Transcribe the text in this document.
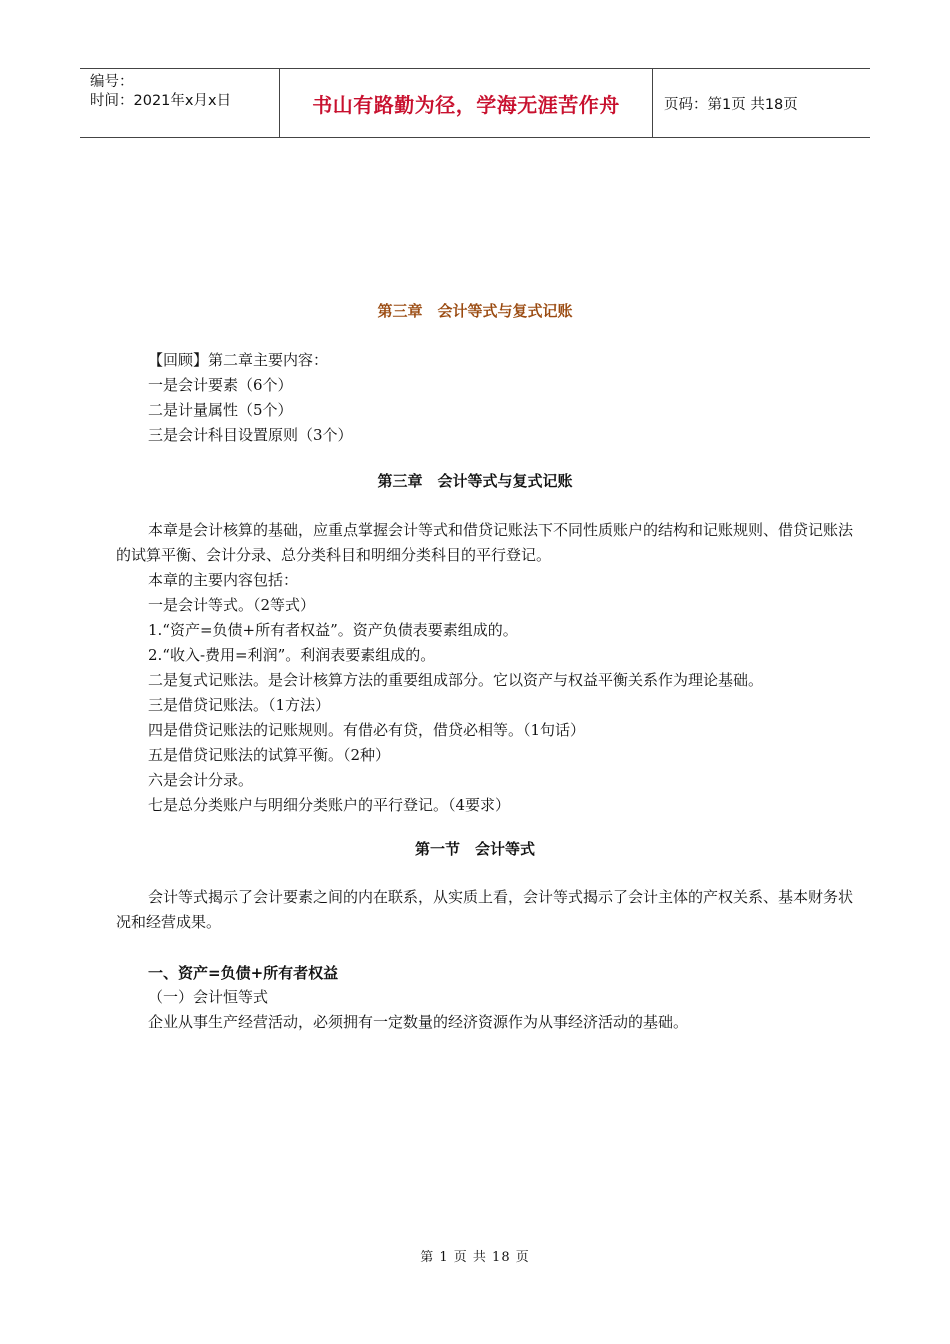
编号：
时间：2021年x月x日	书山有路勤为径，学海无涯苦作舟	页码：第1页 共18页
第三章　会计等式与复式记账

【回顾】第二章主要内容：

一是会计要素（6个）

二是计量属性（5个）

三是会计科目设置原则（3个）

第三章　会计等式与复式记账
本章是会计核算的基础，应重点掌握会计等式和借贷记账法下不同性质账户的结构和记账规则、借贷记账法的试算平衡、会计分录、总分类科目和明细分类科目的平行登记。

本章的主要内容包括：

一是会计等式。（2等式）

1.“资产=负债+所有者权益”。资产负债表要素组成的。

2.“收入-费用=利润”。利润表要素组成的。

二是复式记账法。是会计核算方法的重要组成部分。它以资产与权益平衡关系作为理论基础。

三是借贷记账法。（1方法）

四是借贷记账法的记账规则。有借必有贷，借贷必相等。（1句话）

五是借贷记账法的试算平衡。（2种）

六是会计分录。

七是总分类账户与明细分类账户的平行登记。（4要求）

第一节　会计等式
会计等式揭示了会计要素之间的内在联系，从实质上看，会计等式揭示了会计主体的产权关系、基本财务状况和经营成果。
一、资产=负债+所有者权益

（一）会计恒等式

企业从事生产经营活动，必须拥有一定数量的经济资源作为从事经济活动的基础。

第 1 页 共 18 页
